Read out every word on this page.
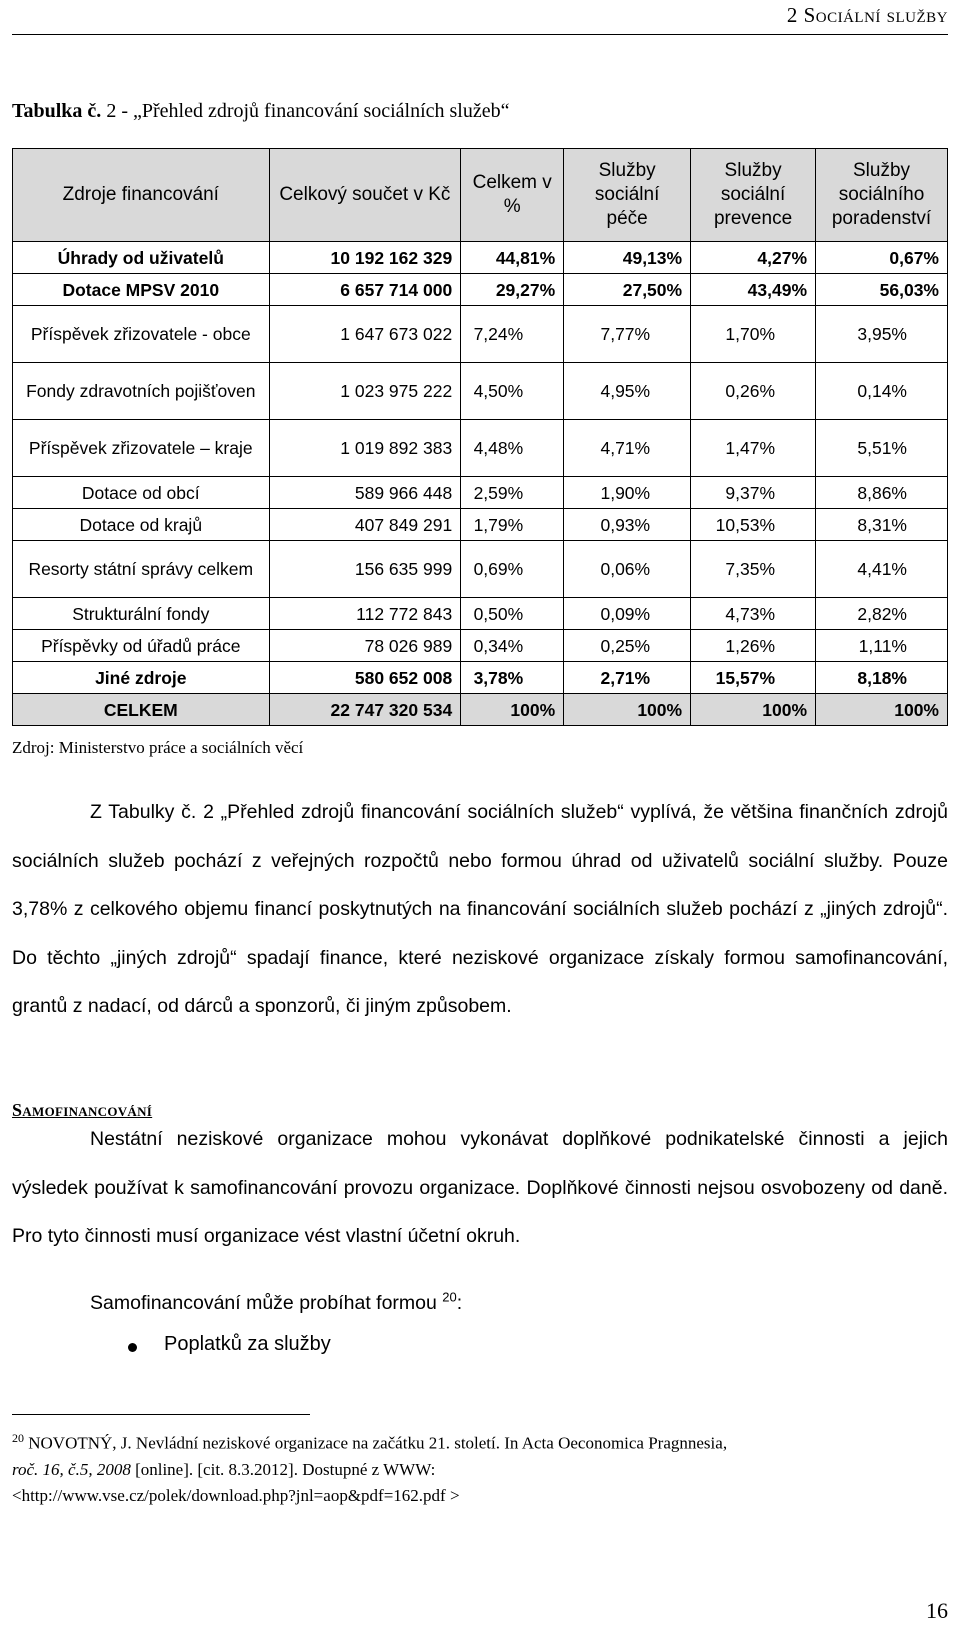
2 Sociální služby
Tabulka č. 2 - „Přehled zdrojů financování sociálních služeb“
Zdroje financování	Celkový součet v Kč	Celkem v %	Služby sociální péče	Služby sociální prevence	Služby sociálního poradenství
Úhrady od uživatelů	10 192 162 329	44,81%	49,13%	4,27%	0,67%
Dotace MPSV 2010	6 657 714 000	29,27%	27,50%	43,49%	56,03%
Příspěvek zřizovatele - obce	1 647 673 022	7,24%	7,77%	1,70%	3,95%
Fondy zdravotních pojišťoven	1 023 975 222	4,50%	4,95%	0,26%	0,14%
Příspěvek zřizovatele – kraje	1 019 892 383	4,48%	4,71%	1,47%	5,51%
Dotace od obcí	589 966 448	2,59%	1,90%	9,37%	8,86%
Dotace od krajů	407 849 291	1,79%	0,93%	10,53%	8,31%
Resorty státní správy celkem	156 635 999	0,69%	0,06%	7,35%	4,41%
Strukturální fondy	112 772 843	0,50%	0,09%	4,73%	2,82%
Příspěvky od úřadů práce	78 026 989	0,34%	0,25%	1,26%	1,11%
Jiné zdroje	580 652 008	3,78%	2,71%	15,57%	8,18%
CELKEM	22 747 320 534	100%	100%	100%	100%
Zdroj: Ministerstvo práce a sociálních věcí
Z Tabulky č. 2 „Přehled zdrojů financování sociálních služeb“ vyplívá, že většina finančních zdrojů sociálních služeb pochází z veřejných rozpočtů nebo formou úhrad od uživatelů sociální služby. Pouze 3,78% z celkového objemu financí poskytnutých na financování sociálních služeb pochází z „jiných zdrojů“. Do těchto „jiných zdrojů“ spadají finance, které neziskové organizace získaly formou samofinancování, grantů z nadací, od dárců a sponzorů, či jiným způsobem.
Samofinancování
Nestátní neziskové organizace mohou vykonávat doplňkové podnikatelské činnosti a jejich výsledek používat k samofinancování provozu organizace. Doplňkové činnosti nejsou osvobozeny od daně. Pro tyto činnosti musí organizace vést vlastní účetní okruh.
Samofinancování může probíhat formou $^{20}$:
Poplatků za služby
$^{20}$ NOVOTNÝ, J. Nevládní neziskové organizace na začátku 21. století. In Acta Oeconomica Pragnnesia,
roč. 16, č.5, 2008 [online]. [cit. 8.3.2012]. Dostupné z WWW:
<http://www.vse.cz/polek/download.php?jnl=aop&pdf=162.pdf >
16
